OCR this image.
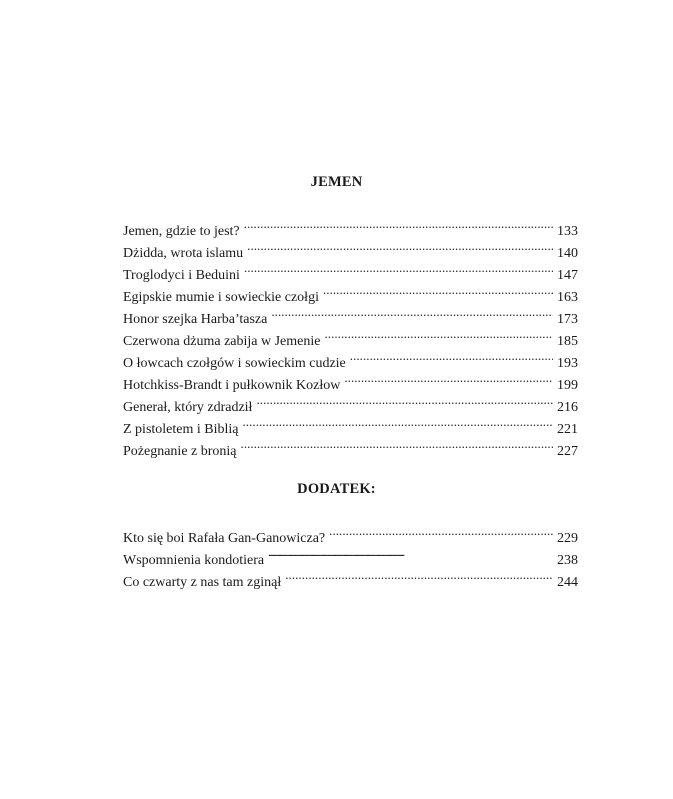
JEMEN
Jemen, gdzie to jest? . . .	133
Dżidda, wrota islamu . . .	140
Troglodyci i Beduini . . .	147
Egipskie mumie i sowieckie czołgi . . .	163
Honor szejka Harba’tasza . . .	173
Czerwona dżuma zabija w Jemenie . . .	185
O łowcach czołgów i sowieckim cudzie . . .	193
Hotchkiss-Brandt i pułkownik Kozłow . . .	199
Generał, który zdradził . . .	216
Z pistoletem i Biblią . . .	221
Pożegnanie z bronią . . .	227
DODATEK:
Kto się boi Rafała Gan-Ganowicza? . . .	229
Wspomnienia kondotiera . . .	238
Co czwarty z nas tam zginął . . .	244
